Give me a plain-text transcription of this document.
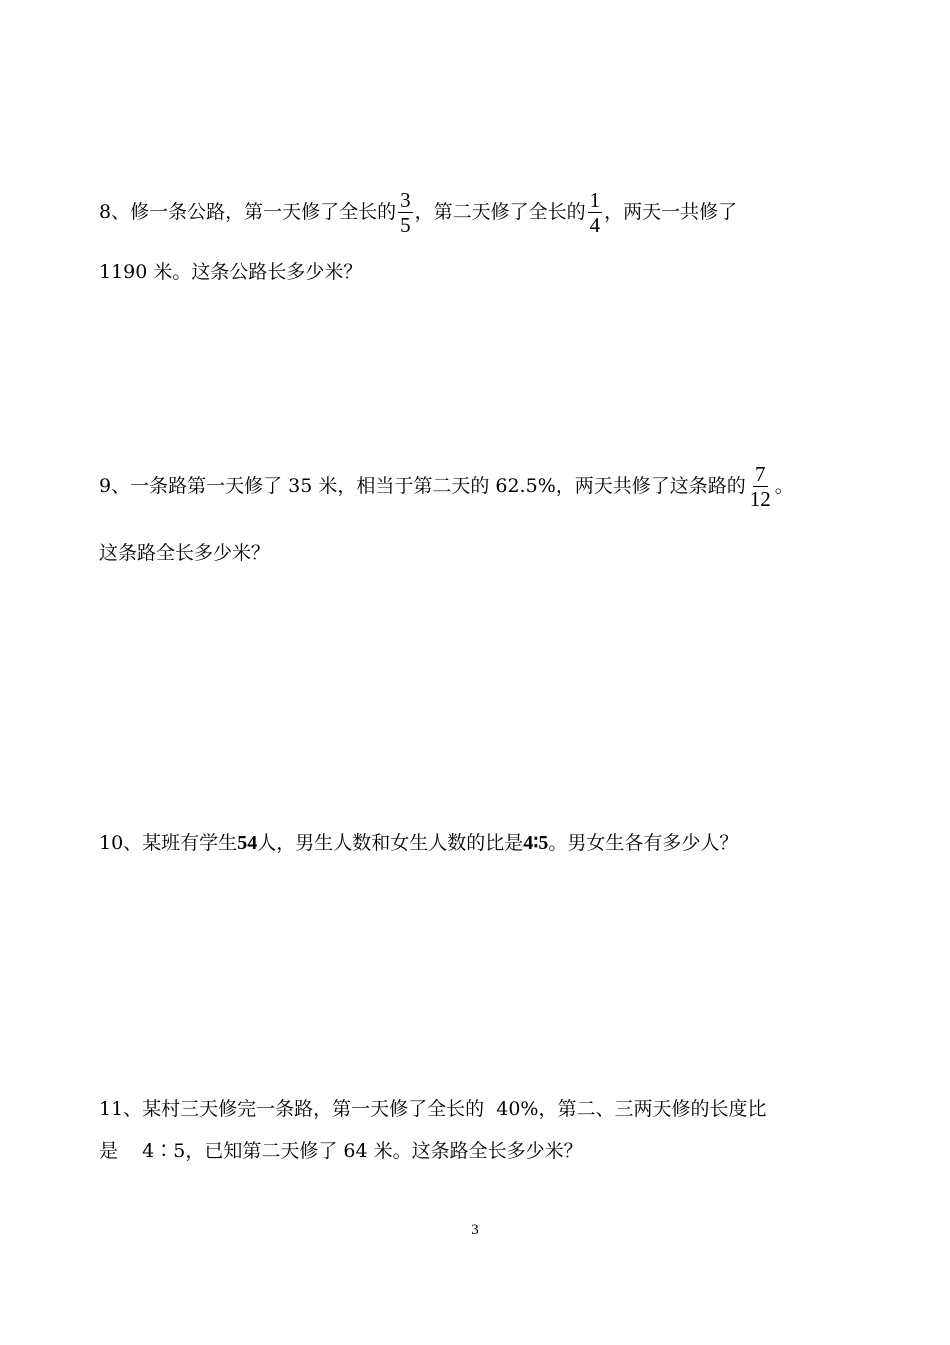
8、修一条公路，第一天修了全长的 $\frac{3}{5}$ ，第二天修了全长的 $\frac{1}{4}$ ，两天一共修了
1190 米。这条公路长多少米？
9、一条路第一天修了 35 米，相当于第二天的 62.5%，两天共修了这条路的 $\frac{7}{12}$ 。
这条路全长多少米？
10、某班有学生 54 人，男生人数和女生人数的比是 4∶5 。男女生各有多少人？
11、某村三天修完一条路，第一天修了全长的  40%，第二、三两天修的长度比
是    4∶5，已知第二天修了 64 米。这条路全长多少米？
3
